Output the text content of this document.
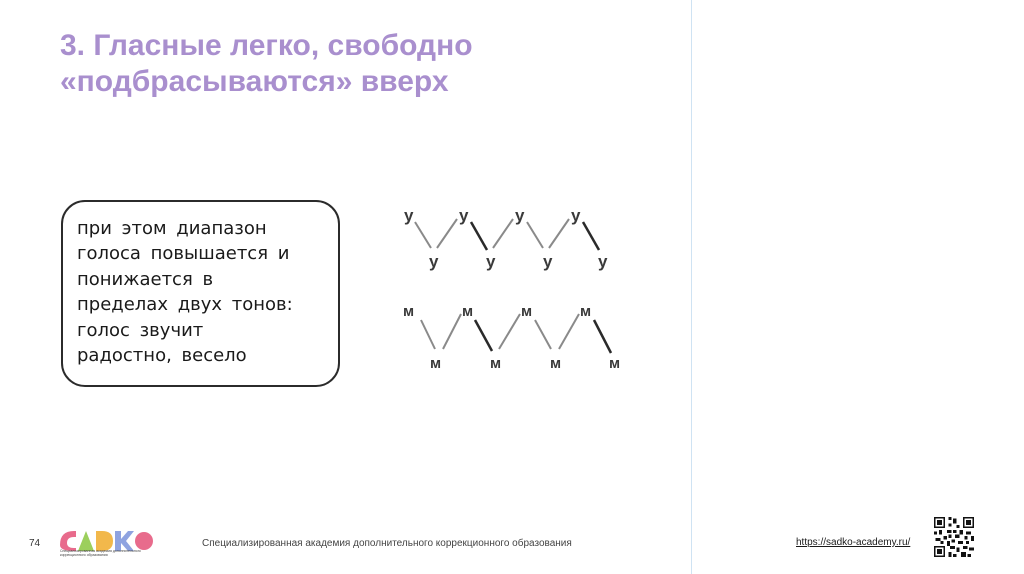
3. Гласные легко, свободно
«подбрасываются» вверх
при этом диапазон
голоса повышается и
понижается в
пределах двух тонов:
голос звучит
радостно, весело
у	у	у	у
у	у	у	у
м	м	м	м
м	м	м	м
74
Специализированная академия дополнительного коррекционного образования
Специализированная академия дополнительного коррекционного образования	https://sadko-academy.ru/
